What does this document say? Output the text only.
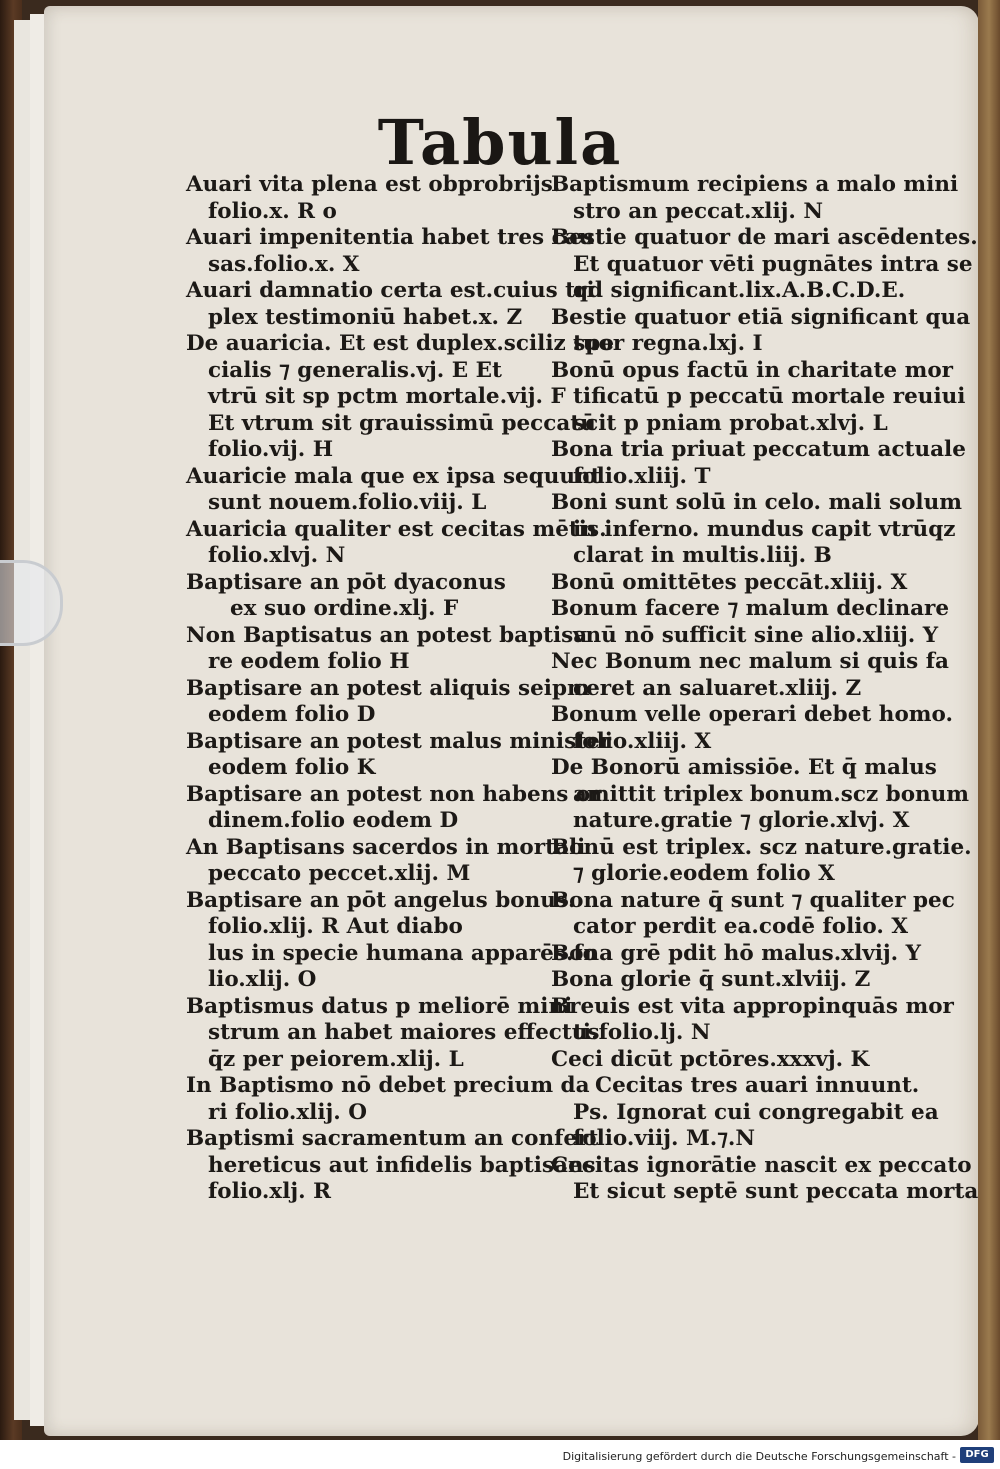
Tabula
Auari vita plena est obprobrijs.
folio.x. R o
Auari impenitentia habet tres cau
sas.folio.x. X
Auari damnatio certa est.cuius tri
plex testimoniū habet.x. Z
De auaricia. Et est duplex.sciliz spe
cialis ⁊ generalis.vj. E Et
vtrū sit sp pctm mortale.vij. F
Et vtrum sit grauissimū peccatū
folio.vij. H
Auaricie mala que ex ipsa sequunt
sunt nouem.folio.viij. L
Auaricia qualiter est cecitas mētis.
folio.xlvj. N
Baptisare an pōt dyaconus
ex suo ordine.xlj. F
Non Baptisatus an potest baptisa
re eodem folio H
Baptisare an potest aliquis seipm
eodem folio D
Baptisare an potest malus minister
eodem folio K
Baptisare an potest non habens or
dinem.folio eodem D
An Baptisans sacerdos in mortali
peccato peccet.xlij. M
Baptisare an pōt angelus bonus.
folio.xlij. R Aut diabo
lus in specie humana apparēs.fo
lio.xlij. O
Baptismus datus p meliorē mini
strum an habet maiores effectus
q̄z per peiorem.xlij. L
In Baptismo nō debet precium da
ri folio.xlij. O
Baptismi sacramentum an confert
hereticus aut infidelis baptisans
folio.xlj. R
Baptismum recipiens a malo mini
stro an peccat.xlij. N
Bestie quatuor de mari ascēdentes.
Et quatuor vēti pugnātes intra se
qd significant.lix.A.B.C.D.E.
Bestie quatuor etiā significant qua
tuor regna.lxj. I
Bonū opus factū in charitate mor
tificatū p peccatū mortale reuiui
scit p pniam probat.xlvj. L
Bona tria priuat peccatum actuale
folio.xliij. T
Boni sunt solū in celo. mali solum
in inferno. mundus capit vtrūqz
clarat in multis.liij. B
Bonū omittētes peccāt.xliij. X
Bonum facere ⁊ malum declinare
vnū nō sufficit sine alio.xliij. Y
Nec Bonum nec malum si quis fa
ceret an saluaret.xliij. Z
Bonum velle operari debet homo.
folio.xliij. X
De Bonorū amissiōe. Et q̄ malus
amittit triplex bonum.scz bonum
nature.gratie ⁊ glorie.xlvj. X
Bonū est triplex. scz nature.gratie.
⁊ glorie.eodem folio X
Bona nature q̄ sunt ⁊ qualiter pec
cator perdit ea.codē folio. X
Bona grē pdit hō malus.xlvij. Y
Bona glorie q̄ sunt.xlviij. Z
Breuis est vita appropinquās mor
ti.folio.lj. N
Ceci dicūt pctōres.xxxvj. K
Cecitas tres auari innuunt.
Ps. Ignorat cui congregabit ea
folio.viij. M.⁊.N
Cecitas ignorātie nascit ex peccato
Et sicut septē sunt peccata morta
Digitalisierung gefördert durch die Deutsche Forschungsgemeinschaft - DFG
